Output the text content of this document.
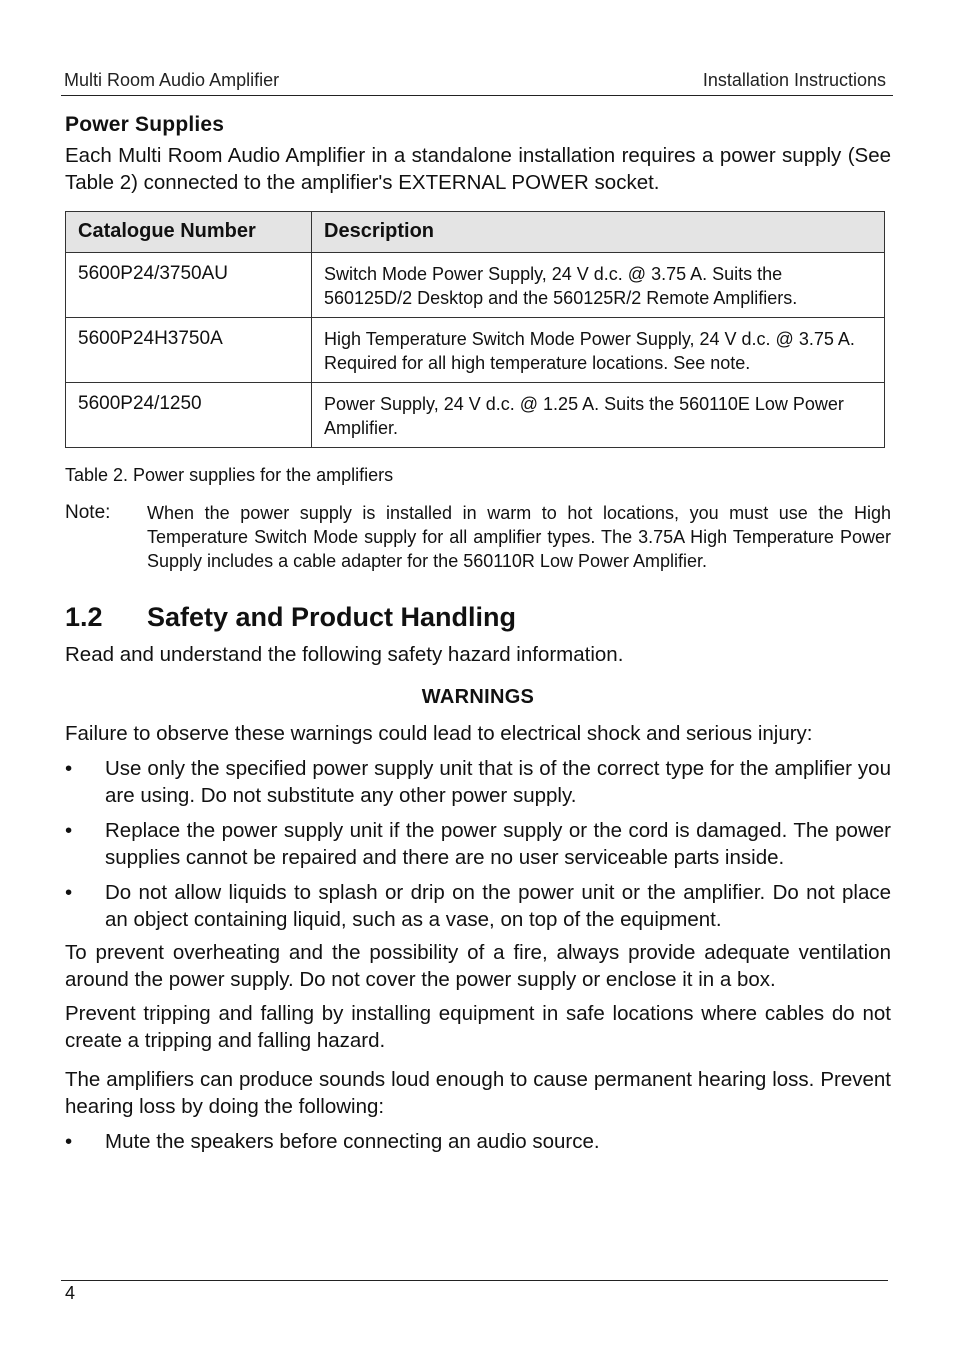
Multi Room Audio Amplifier	Installation Instructions
Power Supplies

Each Multi Room Audio Amplifier in a standalone installation requires a power supply (See Table 2) connected to the amplifier's EXTERNAL POWER socket.

Catalogue Number	Description
5600P24/3750AU	Switch Mode Power Supply, 24 V d.c. @ 3.75 A. Suits the 560125D/2 Desktop and the 560125R/2 Remote Amplifiers.
5600P24H3750A	High Temperature Switch Mode Power Supply, 24 V d.c. @ 3.75 A. Required for all high temperature locations. See note.
5600P24/1250	Power Supply, 24 V d.c. @ 1.25 A. Suits the 560110E Low Power Amplifier.
Table 2. Power supplies for the amplifiers
Note: When the power supply is installed in warm to hot locations, you must use the High Temperature Switch Mode supply for all amplifier types. The 3.75A High Temperature Power Supply includes a cable adapter for the 560110R Low Power Amplifier.
1.2 Safety and Product Handling

Read and understand the following safety hazard information.

WARNINGS

Failure to observe these warnings could lead to electrical shock and serious injury:

• Use only the specified power supply unit that is of the correct type for the amplifier you are using. Do not substitute any other power supply.
• Replace the power supply unit if the power supply or the cord is damaged. The power supplies cannot be repaired and there are no user serviceable parts inside.
• Do not allow liquids to splash or drip on the power unit or the amplifier. Do not place an object containing liquid, such as a vase, on top of the equipment.

To prevent overheating and the possibility of a fire, always provide adequate ventilation around the power supply. Do not cover the power supply or enclose it in a box.

Prevent tripping and falling by installing equipment in safe locations where cables do not create a tripping and falling hazard.

The amplifiers can produce sounds loud enough to cause permanent hearing loss. Prevent hearing loss by doing the following:

• Mute the speakers before connecting an audio source.
4
